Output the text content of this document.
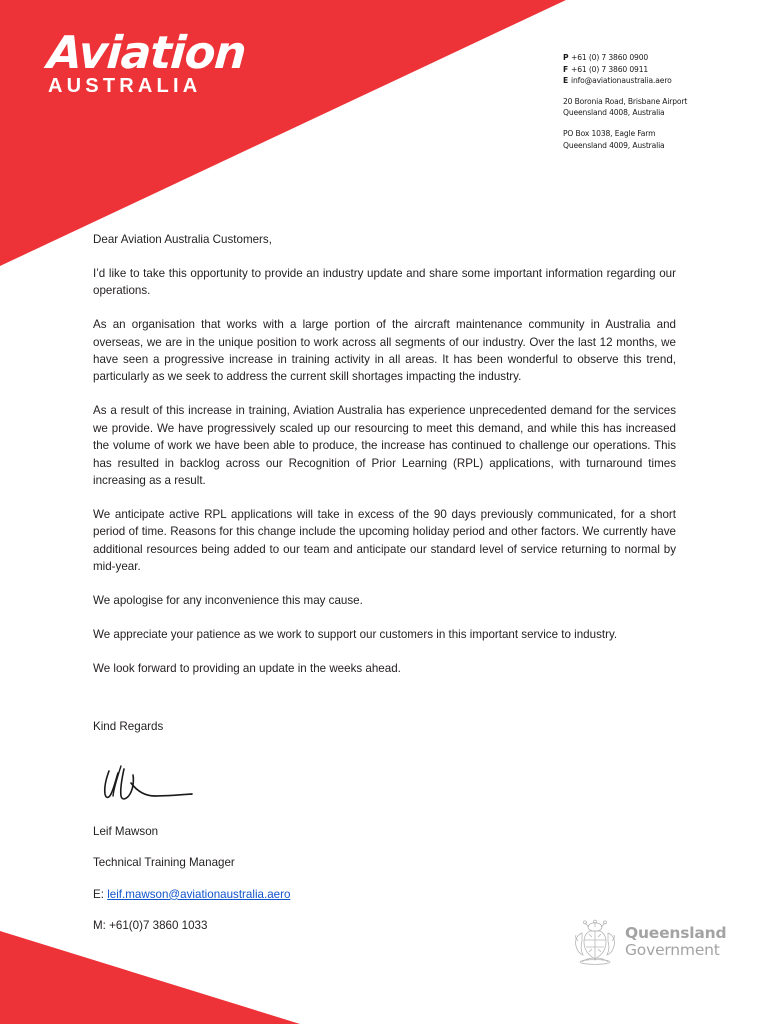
Aviation
AUSTRALIA
P +61 (0) 7 3860 0900
F +61 (0) 7 3860 0911
E info@aviationaustralia.aero
20 Boronia Road, Brisbane Airport
Queensland 4008, Australia
PO Box 1038, Eagle Farm
Queensland 4009, Australia

Dear Aviation Australia Customers,

I’d like to take this opportunity to provide an industry update and share some important information regarding our operations.

As an organisation that works with a large portion of the aircraft maintenance community in Australia and overseas, we are in the unique position to work across all segments of our industry. Over the last 12 months, we have seen a progressive increase in training activity in all areas. It has been wonderful to observe this trend, particularly as we seek to address the current skill shortages impacting the industry.

As a result of this increase in training, Aviation Australia has experience unprecedented demand for the services we provide. We have progressively scaled up our resourcing to meet this demand, and while this has increased the volume of work we have been able to produce, the increase has continued to challenge our operations. This has resulted in backlog across our Recognition of Prior Learning (RPL) applications, with turnaround times increasing as a result.

We anticipate active RPL applications will take in excess of the 90 days previously communicated, for a short period of time. Reasons for this change include the upcoming holiday period and other factors. We currently have additional resources being added to our team and anticipate our standard level of service returning to normal by mid-year.

We apologise for any inconvenience this may cause.

We appreciate your patience as we work to support our customers in this important service to industry.

We look forward to providing an update in the weeks ahead.

Kind Regards
Leif Mawson
Technical Training Manager
E: leif.mawson@aviationaustralia.aero
M: +61(0)7 3860 1033	Queensland
Government
